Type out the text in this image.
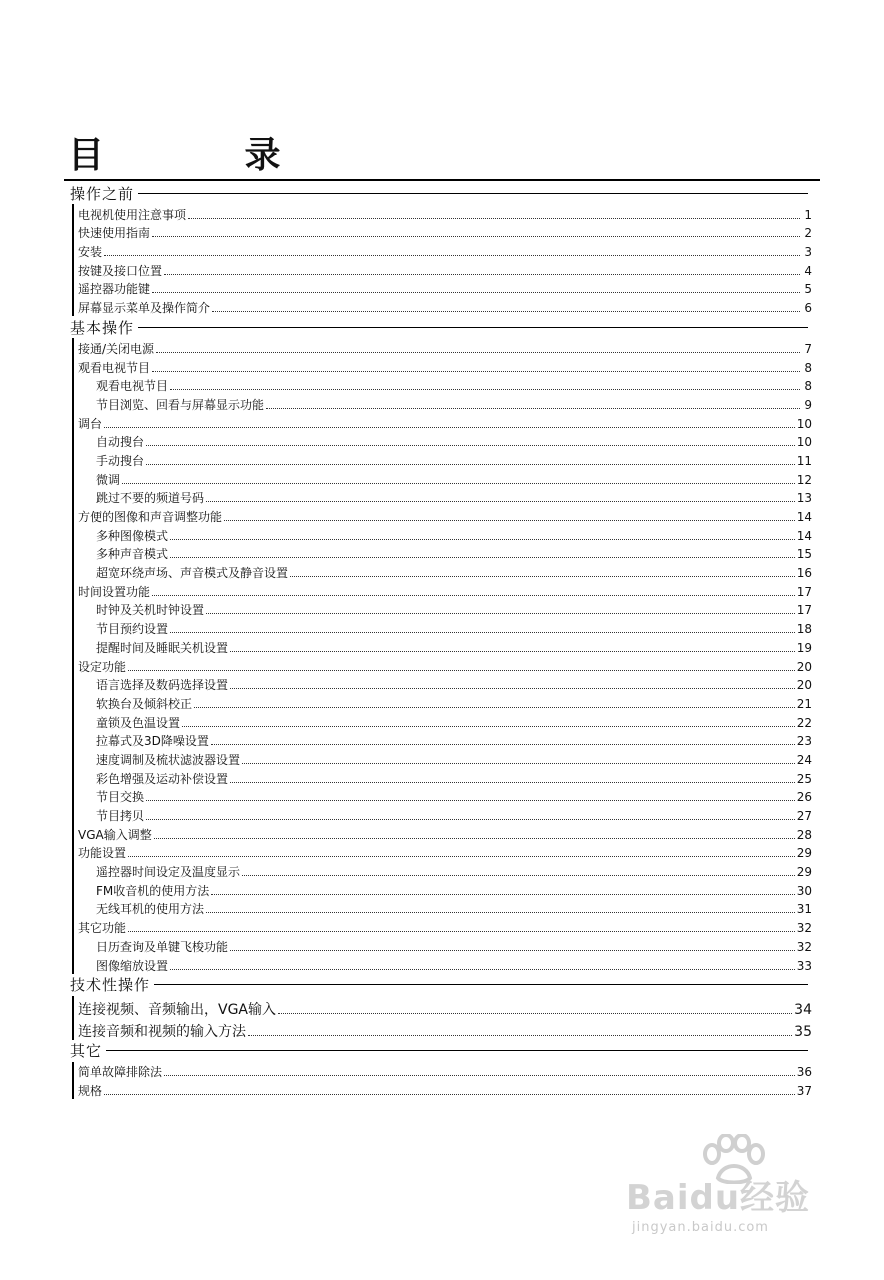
目 录
操作之前
电视机使用注意事项	1
快速使用指南	2
安装	3
按键及接口位置	4
遥控器功能键	5
屏幕显示菜单及操作简介	6
基本操作
接通/关闭电源	7
观看电视节目	8
观看电视节目	8
节目浏览、回看与屏幕显示功能	9
调台	10
自动搜台	10
手动搜台	11
微调	12
跳过不要的频道号码	13
方便的图像和声音调整功能	14
多种图像模式	14
多种声音模式	15
超宽环绕声场、声音模式及静音设置	16
时间设置功能	17
时钟及关机时钟设置	17
节目预约设置	18
提醒时间及睡眠关机设置	19
设定功能	20
语言选择及数码选择设置	20
软换台及倾斜校正	21
童锁及色温设置	22
拉幕式及3D降噪设置	23
速度调制及梳状滤波器设置	24
彩色增强及运动补偿设置	25
节目交换	26
节目拷贝	27
VGA输入调整	28
功能设置	29
遥控器时间设定及温度显示	29
FM收音机的使用方法	30
无线耳机的使用方法	31
其它功能	32
日历查询及单键飞梭功能	32
图像缩放设置	33
技术性操作
连接视频、音频输出，VGA输入	34
连接音频和视频的输入方法	35
其它
简单故障排除法	36
规格	37
Baidu经验
jingyan.baidu.com
